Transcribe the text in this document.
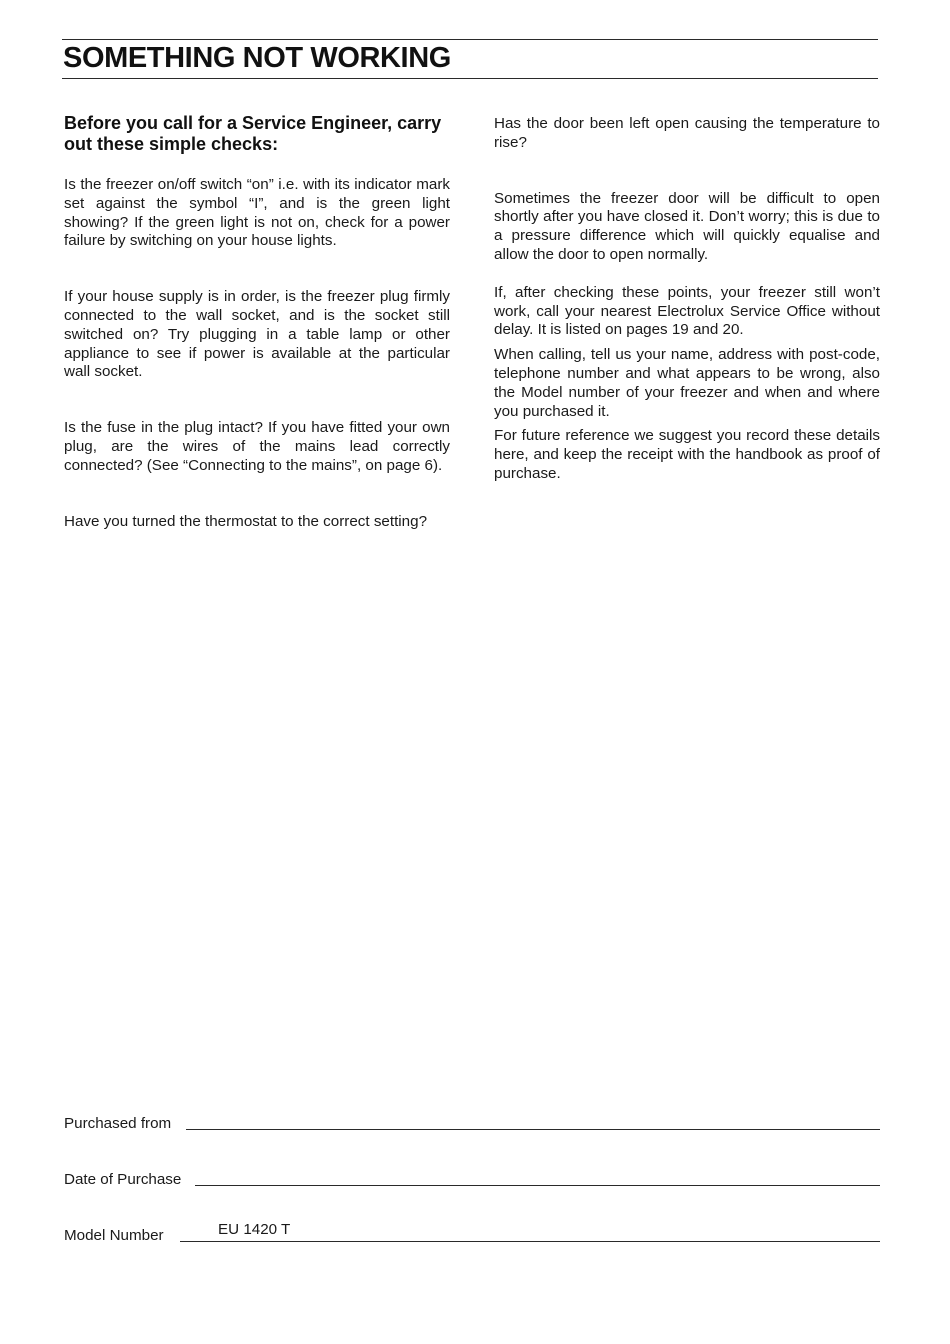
SOMETHING NOT WORKING
Before you call for a Service Engineer, carry out these simple checks:

Is the freezer on/off switch “on” i.e. with its indicator mark set against the symbol “I”, and is the green light showing? If the green light is not on, check for a power failure by switching on your house lights.

If your house supply is in order, is the freezer plug firmly connected to the wall socket, and is the socket still switched on? Try plugging in a table lamp or other appliance to see if power is available at the particular wall socket.

Is the fuse in the plug intact? If you have fitted your own plug, are the wires of the mains lead correctly connected? (See “Connecting to the mains”, on page 6).

Have you turned the thermostat to the correct setting?

Has the door been left open causing the temperature to rise?

Sometimes the freezer door will be difficult to open shortly after you have closed it. Don’t worry; this is due to a pressure difference which will quickly equalise and allow the door to open normally.

If, after checking these points, your freezer still won’t work, call your nearest Electrolux Service Office without delay. It is listed on pages 19 and 20.

When calling, tell us your name, address with post-code, telephone number and what appears to be wrong, also the Model number of your freezer and when and where you purchased it.

For future reference we suggest you record these details here, and keep the receipt with the handbook as proof of purchase.

Purchased from
Date of Purchase
Model Number	EU 1420 T
